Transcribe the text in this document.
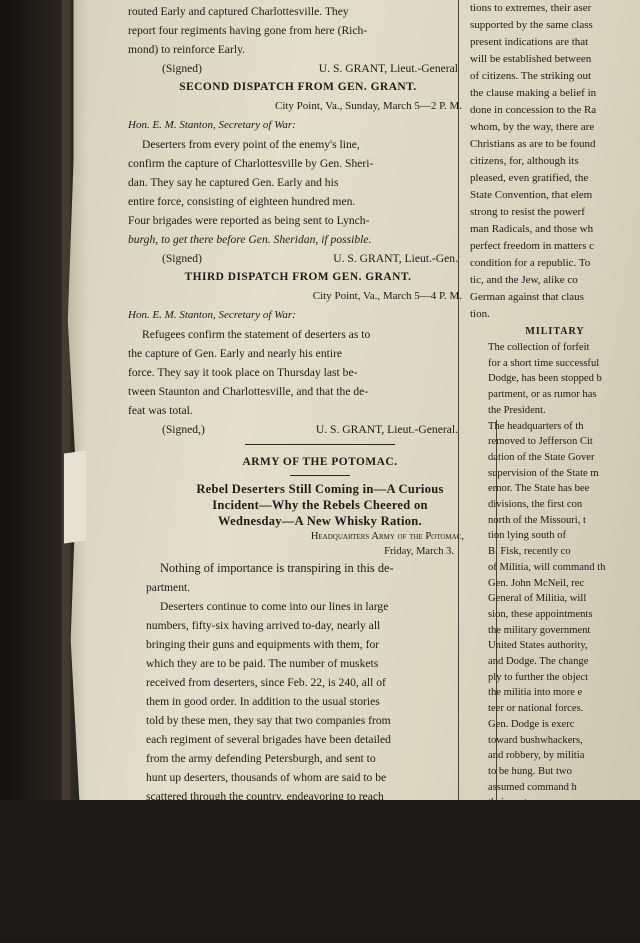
routed Early and captured Charlottesville. They

report four regiments having gone from here (Rich-

mond) to reinforce Early.

(Signed)	U. S. GRANT, Lieut.-General

SECOND DISPATCH FROM GEN. GRANT.

City Point, Va., Sunday, March 5—2 P. M.

Hon. E. M. Stanton, Secretary of War:

Deserters from every point of the enemy's line,

confirm the capture of Charlottesville by Gen. Sheri-

dan. They say he captured Gen. Early and his

entire force, consisting of eighteen hundred men.

Four brigades were reported as being sent to Lynch-

burgh, to get there before Gen. Sheridan, if possible.

(Signed)	U. S. GRANT, Lieut.-Gen.

THIRD DISPATCH FROM GEN. GRANT.

City Point, Va., March 5—4 P. M.

Hon. E. M. Stanton, Secretary of War:

Refugees confirm the statement of deserters as to

the capture of Gen. Early and nearly his entire

force. They say it took place on Thursday last be-

tween Staunton and Charlottesville, and that the de-

feat was total.

(Signed,)	U. S. GRANT, Lieut.-General.

ARMY OF THE POTOMAC.

Rebel Deserters Still Coming in—A Curious

Incident—Why the Rebels Cheered on

Wednesday—A New Whisky Ration.

Headquarters Army of the Potomac,

Friday, March 3.

Nothing of importance is transpiring in this de-

partment.

Deserters continue to come into our lines in large

numbers, fifty-six having arrived to-day, nearly all

bringing their guns and equipments with them, for

which they are to be paid. The number of muskets

received from deserters, since Feb. 22, is 240, all of

them in good order. In addition to the usual stories

told by these men, they say that two companies from

each regiment of several brigades have been detailed

from the army defending Petersburgh, and sent to

hunt up deserters, thousands of whom are said to be

scattered through the country, endeavoring to reach

their homes. This is particularly the case with the

tions to extremes, their aser

supported by the same class

present indications are that

will be established between

of citizens. The striking out

the clause making a belief in

done in concession to the Ra

whom, by the way, there are

Christians as are to be found

citizens, for, although its

pleased, even gratified, the

State Convention, that elem

strong to resist the powerf

man Radicals, and those wh

perfect freedom in matters c

condition for a republic. To

tic, and the Jew, alike co

German against that claus

tion.

MILITARY

The collection of forfeit

for a short time successful

Dodge, has been stopped b

partment, or as rumor has

the President.

The headquarters of th

removed to Jefferson Cit

dation of the State Gover

supervision of the State m

ernor. The State has bee

divisions, the first con

north of the Missouri, t

tion lying south of

B. Fisk, recently co

of Militia, will command th

Gen. John McNeil, rec

General of Militia, will

sion, these appointments

the military government

United States authority,

and Dodge. The change

ply to further the object

the militia into more e

teer or national forces.

Gen. Dodge is exerc

toward bushwhackers,

and robbery, by militia

to be hung. But two

assumed command h

their sentences comm

the war.

FRO

The Mission of Ge

Report—Supp

Negroes fro

The Panama M

received by the bark

“Our native frie
